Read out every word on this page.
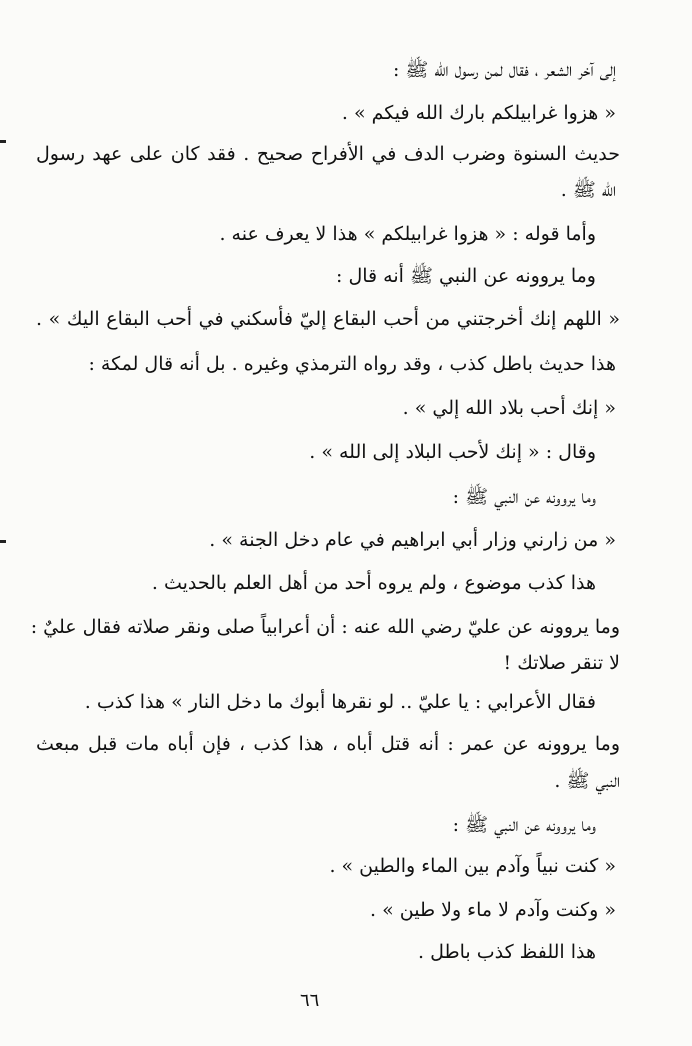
إلى آخر الشعر ، فقال لمن رسول الله ﷺ :
« هزوا غرابيلكم بارك الله فيكم » .
حديث السنوة وضرب الدف في الأفراح صحيح . فقد كان على عهد رسول
الله ﷺ .
وأما قوله : « هزوا غرابيلكم » هذا لا يعرف عنه .
وما يروونه عن النبي ﷺ أنه قال :
« اللهم إنك أخرجتني من أحب البقاع إليّ فأسكني في أحب البقاع اليك » .
هذا حديث باطل كذب ، وقد رواه الترمذي وغيره . بل أنه قال لمكة :
« إنك أحب بلاد الله إلي » .
وقال : « إنك لأحب البلاد إلى الله » .
وما يروونه عن النبي ﷺ :
« من زارني وزار أبي ابراهيم في عام دخل الجنة » .
هذا كذب موضوع ، ولم يروه أحد من أهل العلم بالحديث .
وما يروونه عن عليّ رضي الله عنه : أن أعرابياً صلى ونقر صلاته فقال عليٌ :
لا تنقر صلاتك !
فقال الأعرابي : يا عليّ .. لو نقرها أبوك ما دخل النار » هذا كذب .
وما يروونه عن عمر : أنه قتل أباه ، هذا كذب ، فإن أباه مات قبل مبعث
النبي ﷺ .
وما يروونه عن النبي ﷺ :
« كنت نبياً وآدم بين الماء والطين » .
« وكنت وآدم لا ماء ولا طين » .
هذا اللفظ كذب باطل .
٦٦
